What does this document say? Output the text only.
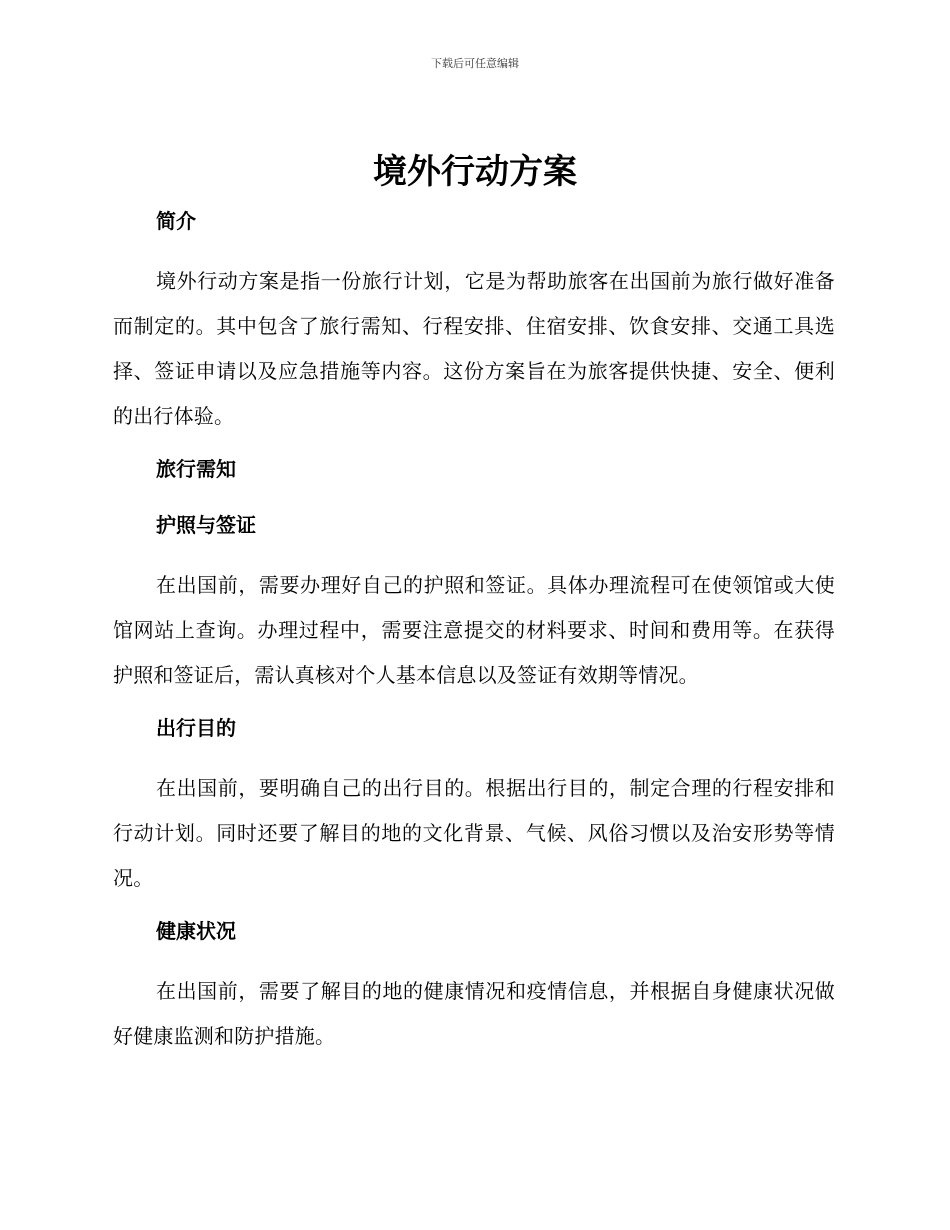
下载后可任意编辑
境外行动方案
简介

境外行动方案是指一份旅行计划，它是为帮助旅客在出国前为旅行做好准备而制定的。其中包含了旅行需知、行程安排、住宿安排、饮食安排、交通工具选择、签证申请以及应急措施等内容。这份方案旨在为旅客提供快捷、安全、便利的出行体验。

旅行需知
护照与签证

在出国前，需要办理好自己的护照和签证。具体办理流程可在使领馆或大使馆网站上查询。办理过程中，需要注意提交的材料要求、时间和费用等。在获得护照和签证后，需认真核对个人基本信息以及签证有效期等情况。

出行目的

在出国前，要明确自己的出行目的。根据出行目的，制定合理的行程安排和行动计划。同时还要了解目的地的文化背景、气候、风俗习惯以及治安形势等情况。

健康状况

在出国前，需要了解目的地的健康情况和疫情信息，并根据自身健康状况做好健康监测和防护措施。
